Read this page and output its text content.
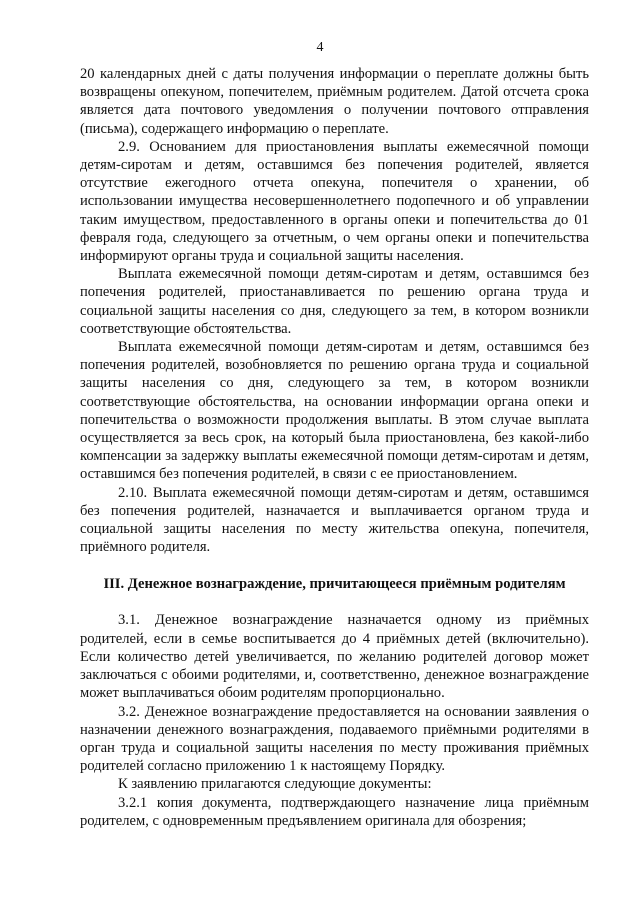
4

20 календарных дней с даты получения информации о переплате должны быть возвращены опекуном, попечителем, приёмным родителем. Датой отсчета срока является дата почтового уведомления о получении почтового отправления (письма), содержащего информацию о переплате.

2.9. Основанием для приостановления выплаты ежемесячной помощи детям-сиротам и детям, оставшимся без попечения родителей, является отсутствие ежегодного отчета опекуна, попечителя о хранении, об использовании имущества несовершеннолетнего подопечного и об управлении таким имуществом, предоставленного в органы опеки и попечительства до 01 февраля года, следующего за отчетным, о чем органы опеки и попечительства информируют органы труда и социальной защиты населения.

Выплата ежемесячной помощи детям-сиротам и детям, оставшимся без попечения родителей, приостанавливается по решению органа труда и социальной защиты населения со дня, следующего за тем, в котором возникли соответствующие обстоятельства.

Выплата ежемесячной помощи детям-сиротам и детям, оставшимся без попечения родителей, возобновляется по решению органа труда и социальной защиты населения со дня, следующего за тем, в котором возникли соответствующие обстоятельства, на основании информации органа опеки и попечительства о возможности продолжения выплаты. В этом случае выплата осуществляется за весь срок, на который была приостановлена, без какой-либо компенсации за задержку выплаты ежемесячной помощи детям-сиротам и детям, оставшимся без попечения родителей, в связи с ее приостановлением.

2.10. Выплата ежемесячной помощи детям-сиротам и детям, оставшимся без попечения родителей, назначается и выплачивается органом труда и социальной защиты населения по месту жительства опекуна, попечителя, приёмного родителя.

III. Денежное вознаграждение, причитающееся приёмным родителям

3.1. Денежное вознаграждение назначается одному из приёмных родителей, если в семье воспитывается до 4 приёмных детей (включительно). Если количество детей увеличивается, по желанию родителей договор может заключаться с обоими родителями, и, соответственно, денежное вознаграждение может выплачиваться обоим родителям пропорционально.

3.2. Денежное вознаграждение предоставляется на основании заявления о назначении денежного вознаграждения, подаваемого приёмными родителями в орган труда и социальной защиты населения по месту проживания приёмных родителей согласно приложению 1 к настоящему Порядку.

К заявлению прилагаются следующие документы:

3.2.1 копия документа, подтверждающего назначение лица приёмным родителем, с одновременным предъявлением оригинала для обозрения;
